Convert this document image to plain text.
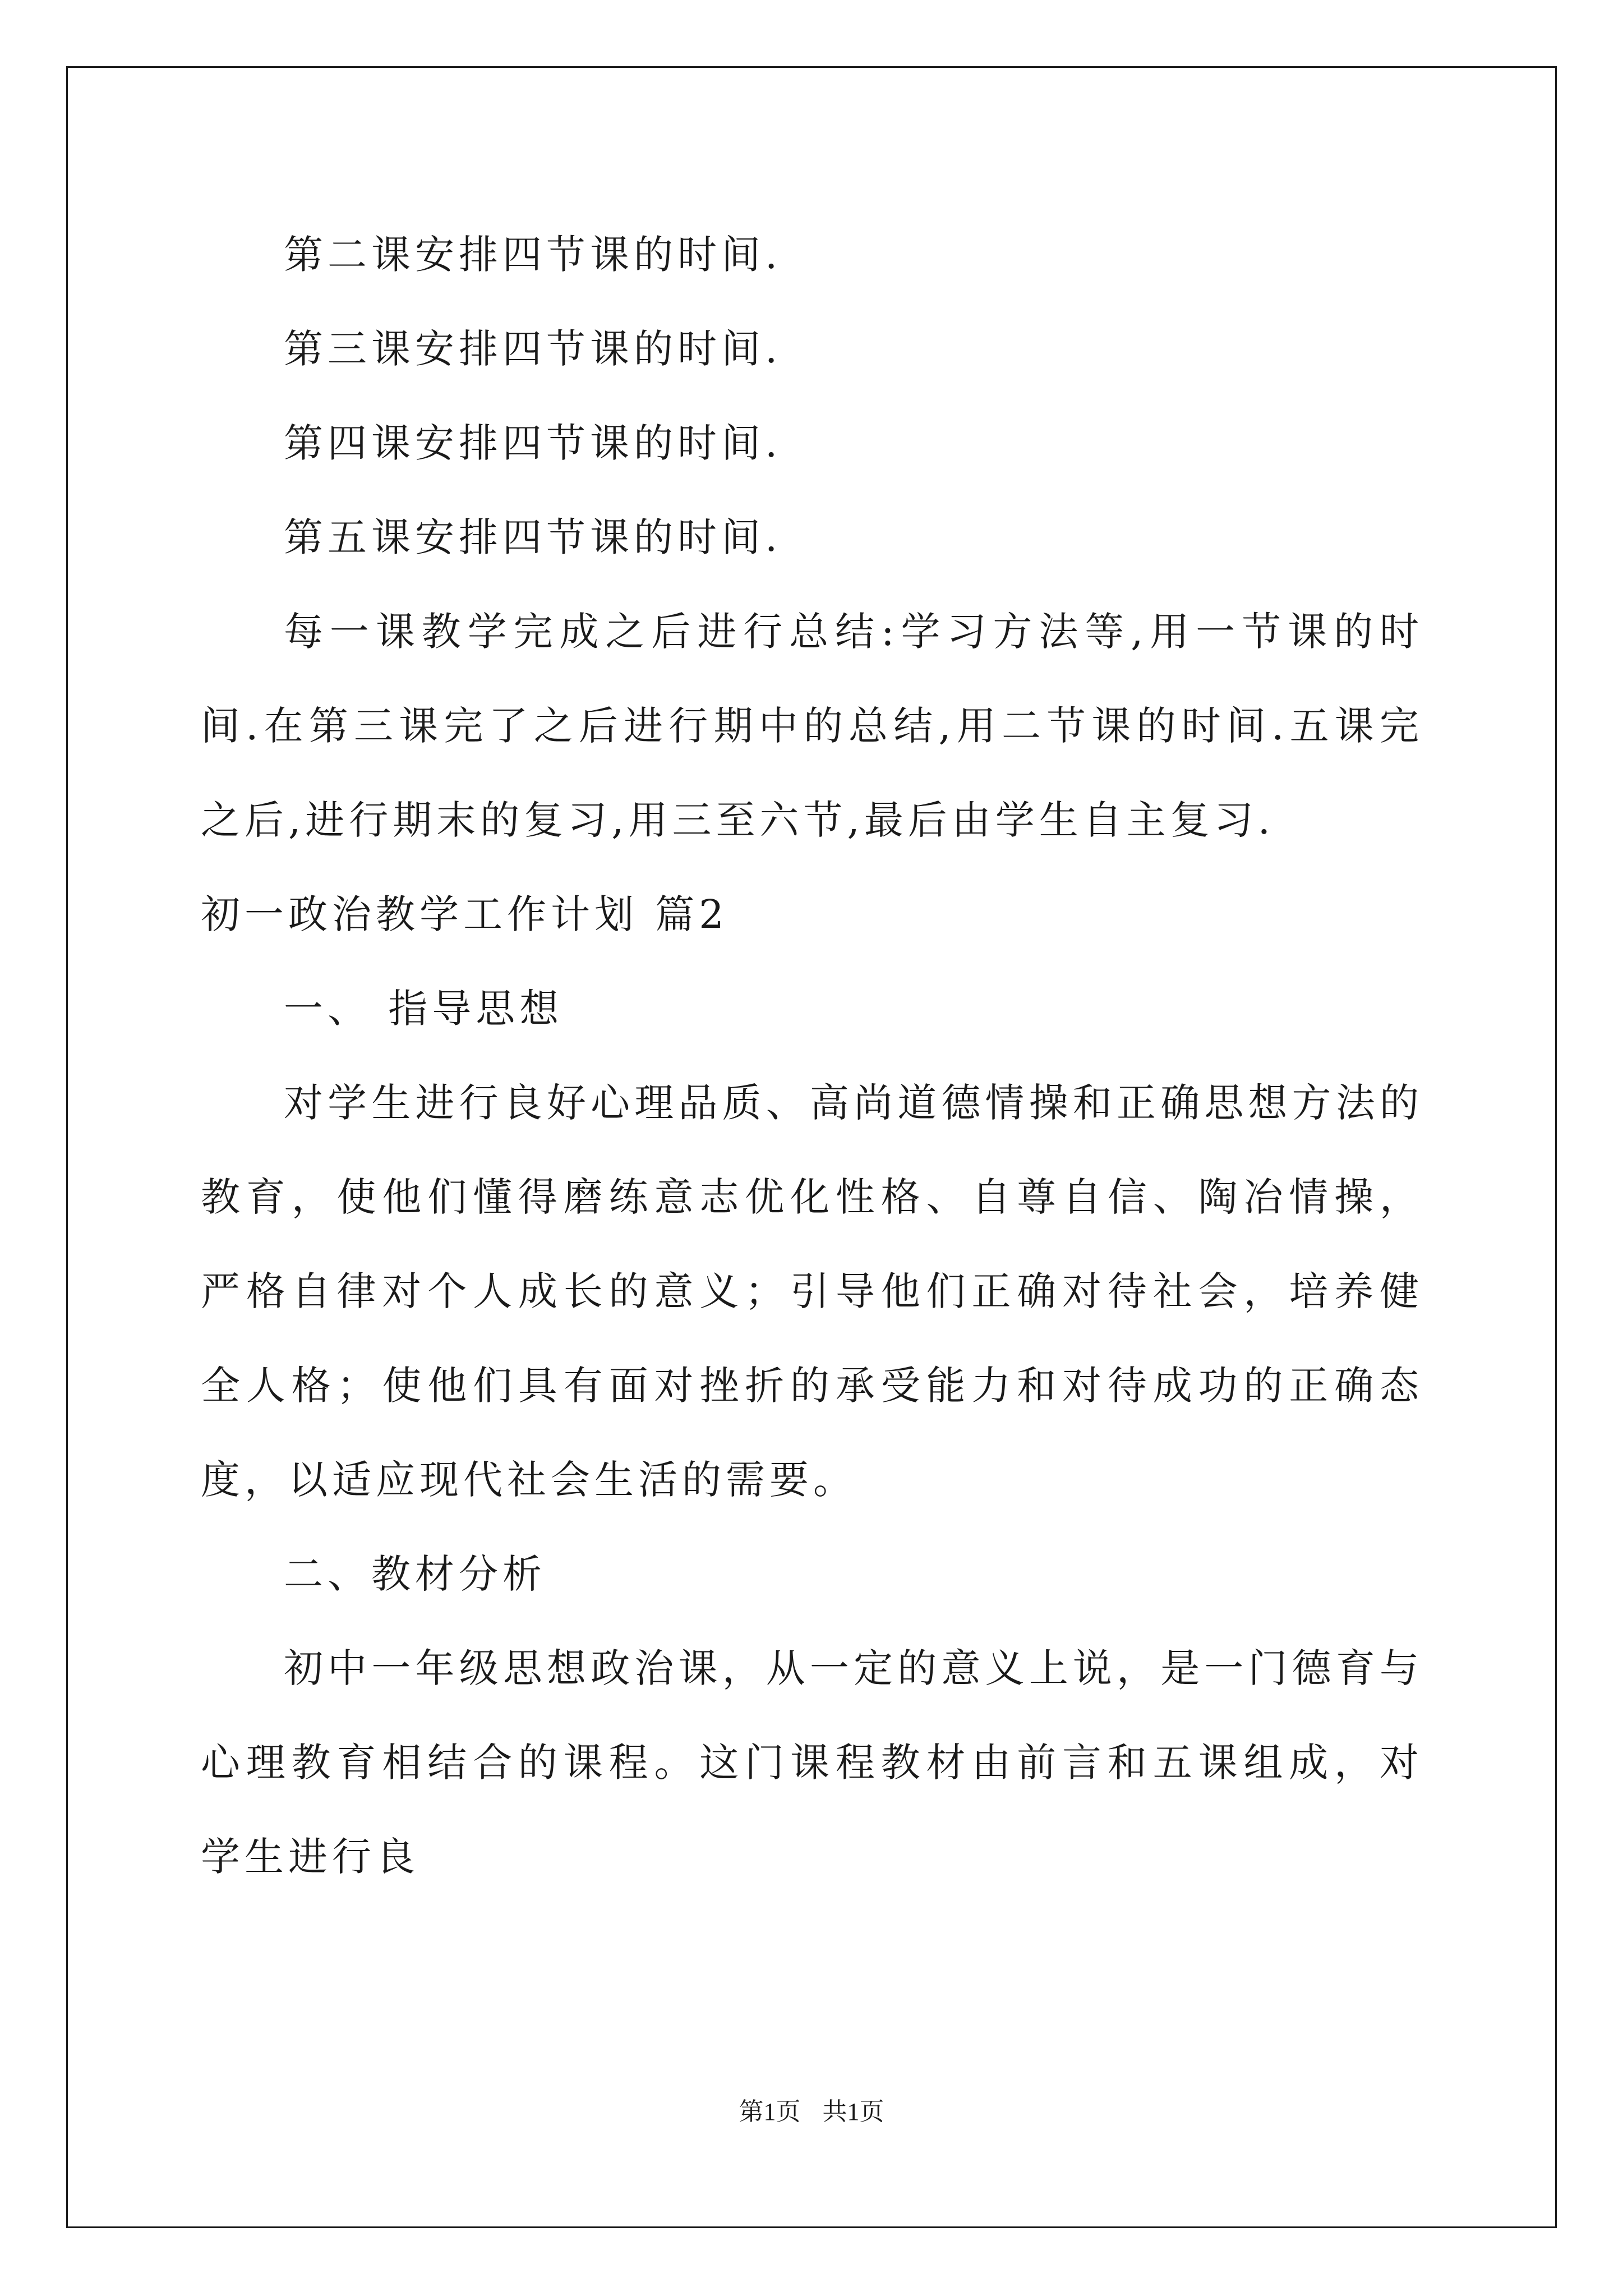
第二课安排四节课的时间.

第三课安排四节课的时间.

第四课安排四节课的时间.

第五课安排四节课的时间.

每一课教学完成之后进行总结:学习方法等,用一节课的时间.在第三课完了之后进行期中的总结,用二节课的时间.五课完之后,进行期末的复习,用三至六节,最后由学生自主复习.

初一政治教学工作计划 篇2

一、 指导思想

对学生进行良好心理品质、高尚道德情操和正确思想方法的教育，使他们懂得磨练意志优化性格、自尊自信、陶冶情操，严格自律对个人成长的意义；引导他们正确对待社会，培养健全人格；使他们具有面对挫折的承受能力和对待成功的正确态度，以适应现代社会生活的需要。

二、教材分析

初中一年级思想政治课，从一定的意义上说，是一门德育与心理教育相结合的课程。这门课程教材由前言和五课组成，对学生进行良

第1页 共1页
